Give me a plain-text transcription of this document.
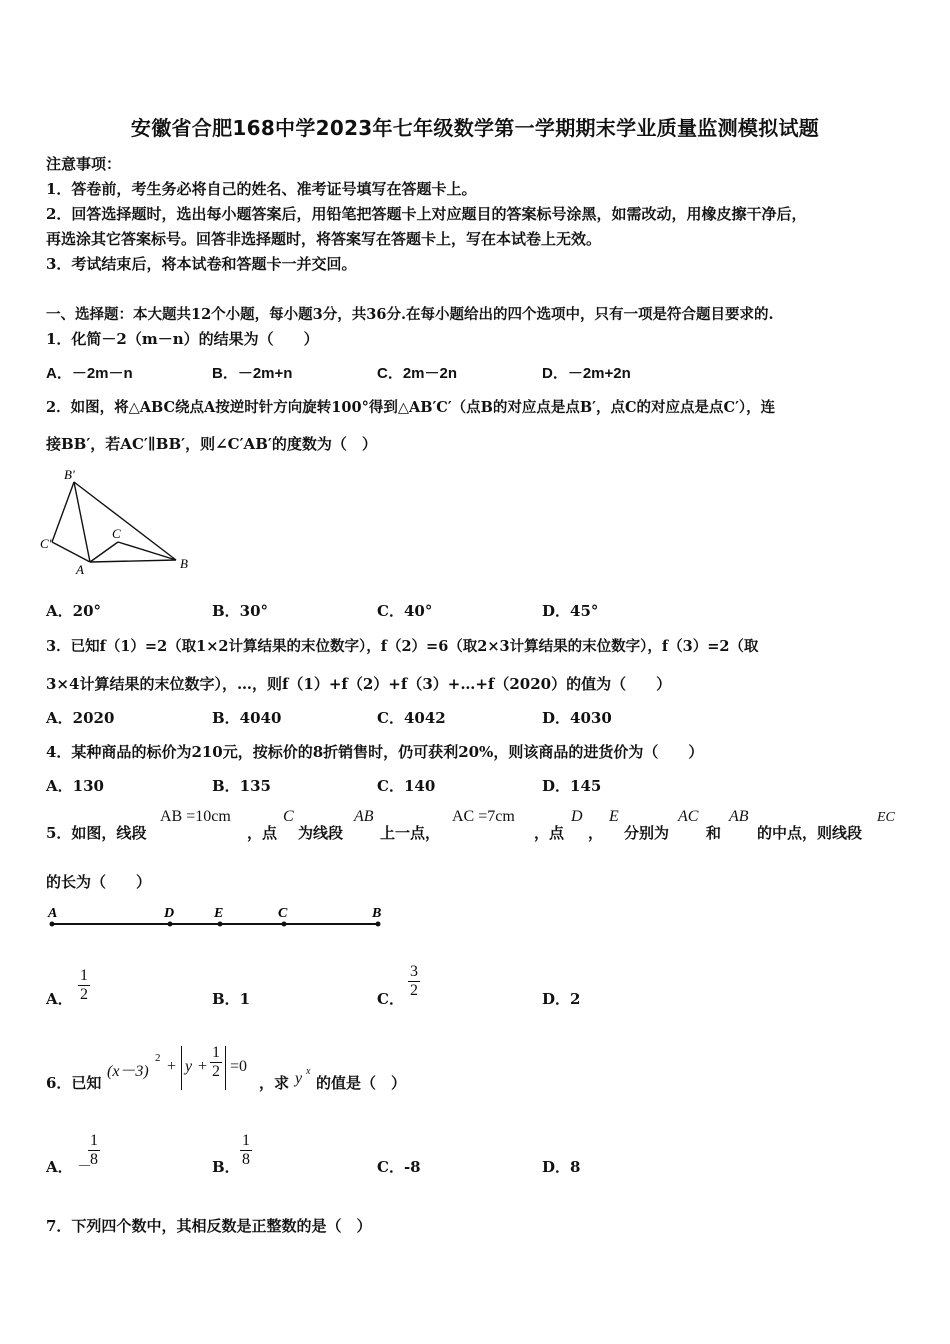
安徽省合肥168中学2023年七年级数学第一学期期末学业质量监测模拟试题
注意事项：
1．答卷前，考生务必将自己的姓名、准考证号填写在答题卡上。
2．回答选择题时，选出每小题答案后，用铅笔把答题卡上对应题目的答案标号涂黑，如需改动，用橡皮擦干净后，
再选涂其它答案标号。回答非选择题时，将答案写在答题卡上，写在本试卷上无效。
3．考试结束后，将本试卷和答题卡一并交回。
一、选择题：本大题共12个小题，每小题3分，共36分.在每小题给出的四个选项中，只有一项是符合题目要求的.
1．化简－2（m－n）的结果为（　　）
A．－2m－n	B．－2m+n	C．2m－2n	D．－2m+2n
2．如图，将△ABC绕点A按逆时针方向旋转100°得到△AB′C′（点B的对应点是点B′，点C的对应点是点C′），连
接BB′，若AC′∥BB′，则∠C′AB′的度数为（　）
B′
C′
A	B
C
A．20°	B．30°	C．40°	D．45°
3．已知f（1）=2（取1×2计算结果的末位数字），f（2）=6（取2×3计算结果的末位数字），f（3）=2（取
3×4计算结果的末位数字），…，则f（1）+f（2）+f（3）+…+f（2020）的值为（　　）
A．2020	B．4040	C．4042	D．4030
4．某种商品的标价为210元，按标价的8折销售时，仍可获利20%，则该商品的进货价为（　　）
A．130	B．135	C．140	D．145
5．如图，线段
AB =10cm
，点
C
为线段
AB
上一点，
AC =7cm
，点
D
，
E
分别为
AC
和
AB
的中点，则线段
EC
的长为（　　）
A	D	E	C	B
A． $\frac{1}{2}$	B．1	C． $\frac{3}{2}$	D．2
6．已知
(x－3)
$2 + y + \frac{1}{2} =0$
，求 y x
的值是（　）
A． －
$\frac{1}{8}$	B． $\frac{1}{8}$	C．-8	D．8
7．下列四个数中，其相反数是正整数的是（　）
